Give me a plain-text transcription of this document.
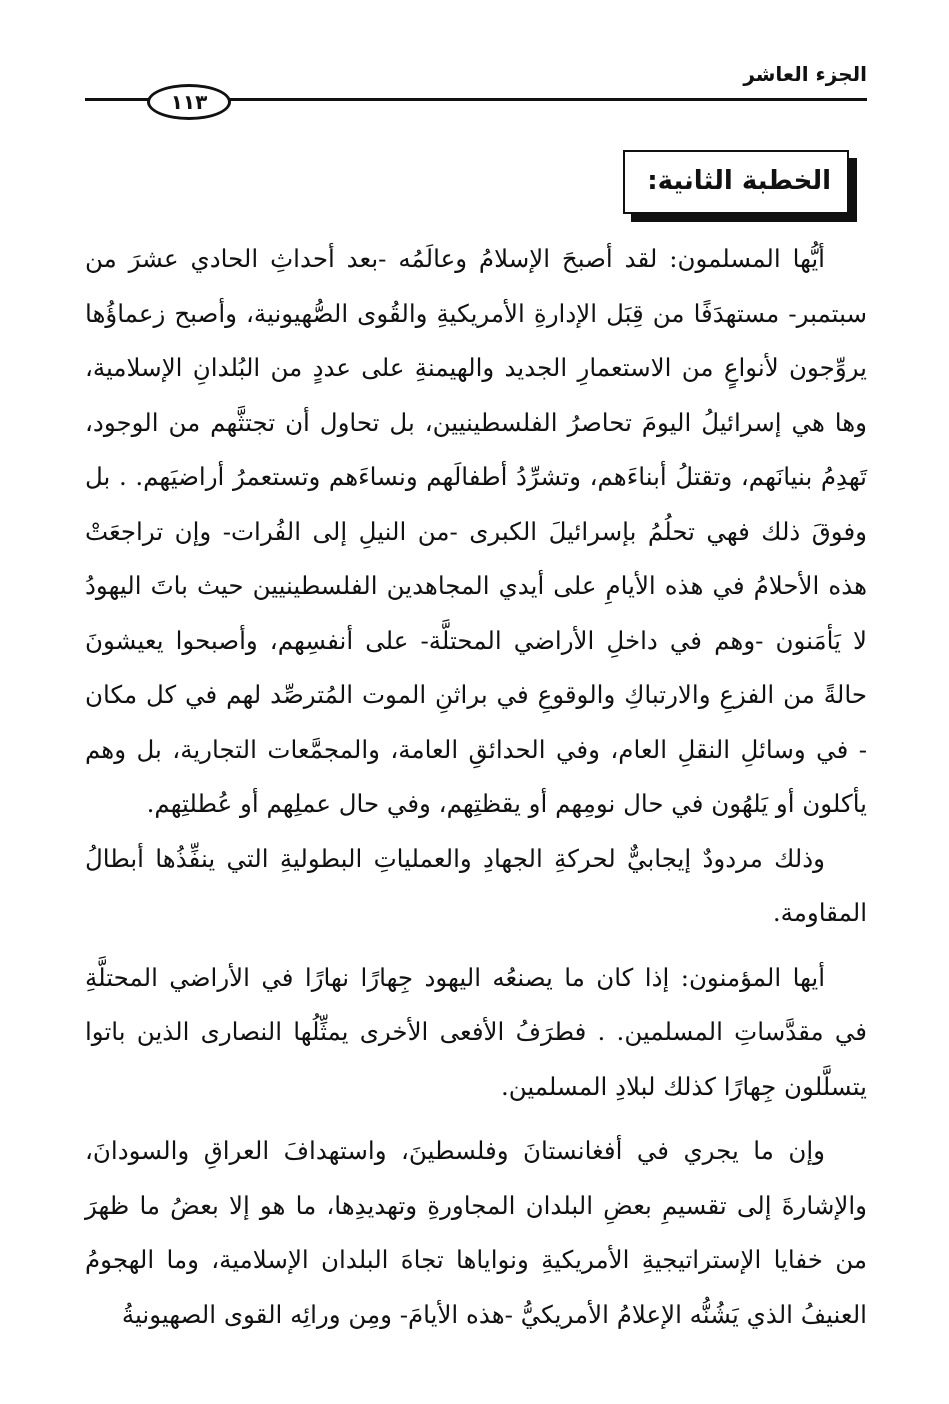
الجزء العاشر
١١٣
الخطبة الثانية:

أيُّها المسلمون: لقد أصبحَ الإسلامُ وعالَمُه -بعد أحداثِ الحادي عشرَ من سبتمبر- مستهدَفًا من قِبَل الإدارةِ الأمريكيةِ والقُوى الصُّهيونية، وأصبح زعماؤُها يروِّجون لأنواعٍ من الاستعمارِ الجديد والهيمنةِ على عددٍ من البُلدانِ الإسلامية، وها هي إسرائيلُ اليومَ تحاصرُ الفلسطينيين، بل تحاول أن تجتثَّهم من الوجود، تَهدِمُ بنيانَهم، وتقتلُ أبناءَهم، وتشرِّدُ أطفالَهم ونساءَهم وتستعمرُ أراضيَهم. . بل وفوقَ ذلك فهي تحلُمُ بإسرائيلَ الكبرى -من النيلِ إلى الفُرات- وإن تراجعَتْ هذه الأحلامُ في هذه الأيامِ على أيدي المجاهدين الفلسطينيين حيث باتَ اليهودُ لا يَأمَنون -وهم في داخلِ الأراضي المحتلَّة- على أنفسِهم، وأصبحوا يعيشونَ حالةً من الفزعِ والارتباكِ والوقوعِ في براثنِ الموت المُترصِّد لهم في كل مكان - في وسائلِ النقلِ العام، وفي الحدائقِ العامة، والمجمَّعات التجارية، بل وهم يأكلون أو يَلهُون في حال نومِهم أو يقظتِهم، وفي حال عملِهم أو عُطلتِهم.

وذلك مردودٌ إيجابيٌّ لحركةِ الجهادِ والعملياتِ البطوليةِ التي ينفِّذُها أبطالُ المقاومة.

أيها المؤمنون: إذا كان ما يصنعُه اليهود جِهارًا نهارًا في الأراضي المحتلَّةِ في مقدَّساتِ المسلمين. . فطرَفُ الأفعى الأخرى يمثِّلُها النصارى الذين باتوا يتسلَّلون جِهارًا كذلك لبلادِ المسلمين.

وإن ما يجري في أفغانستانَ وفلسطينَ، واستهدافَ العراقِ والسودانَ، والإشارةَ إلى تقسيمِ بعضِ البلدان المجاورةِ وتهديدِها، ما هو إلا بعضُ ما ظهرَ من خفايا الإستراتيجيةِ الأمريكيةِ ونواياها تجاهَ البلدان الإسلامية، وما الهجومُ العنيفُ الذي يَشُنُّه الإعلامُ الأمريكيُّ -هذه الأيامَ- ومِن ورائِه القوى الصهيونيةُ
